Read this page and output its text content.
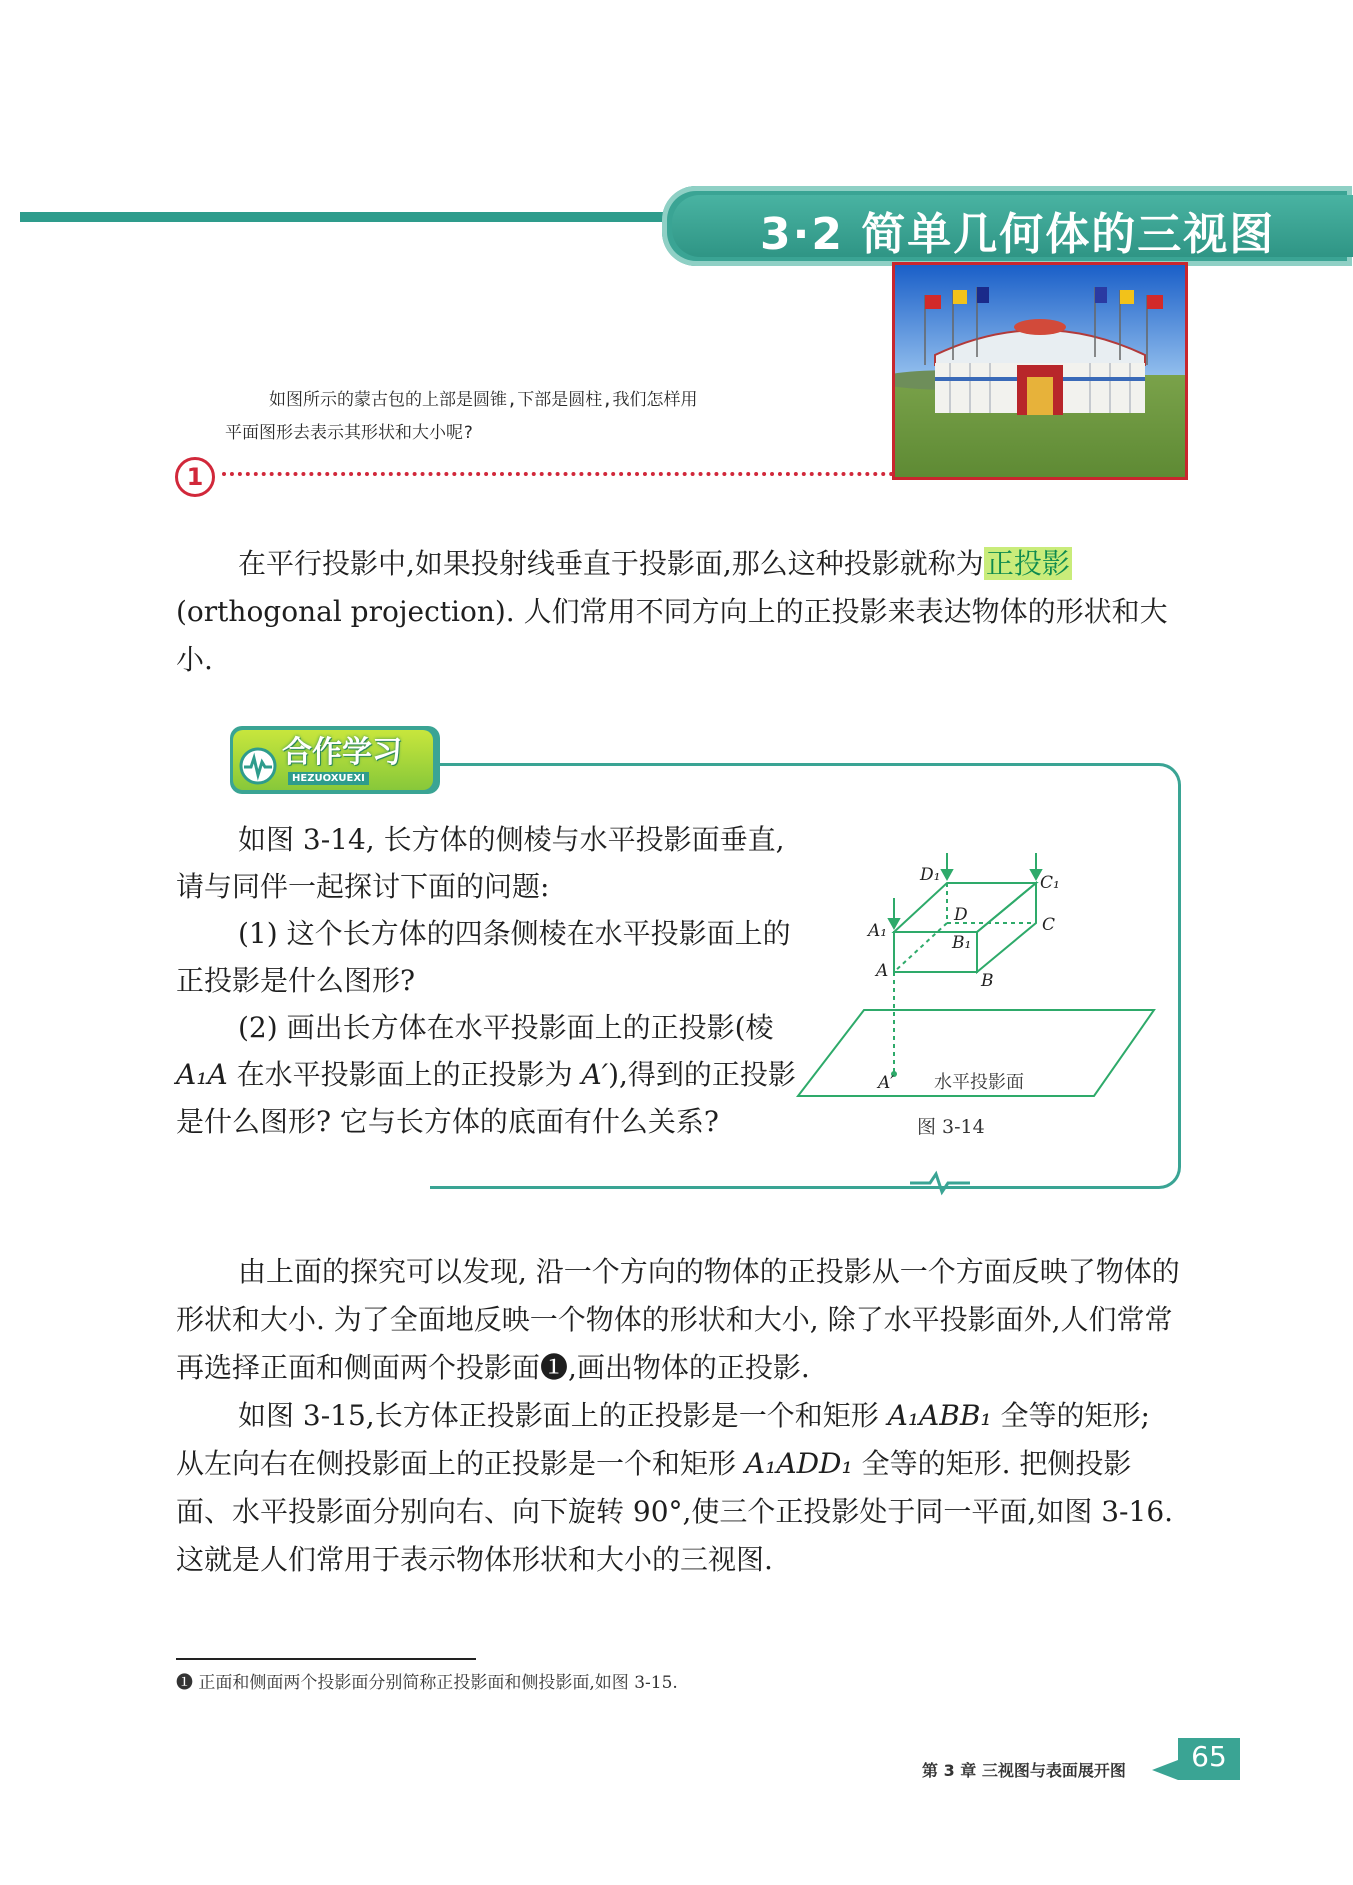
3·2 简单几何体的三视图
如图所示的蒙古包的上部是圆锥,下部是圆柱,我们怎样用
平面图形去表示其形状和大小呢?
1

在平行投影中,如果投射线垂直于投影面,那么这种投影就称为正投影(orthogonal projection). 人们常用不同方向上的正投影来表达物体的形状和大小.

合作学习
HEZUOXUEXI

如图 3-14, 长方体的侧棱与水平投影面垂直,请与同伴一起探讨下面的问题:

(1) 这个长方体的四条侧棱在水平投影面上的正投影是什么图形?

(2) 画出长方体在水平投影面上的正投影(棱 A₁A 在水平投影面上的正投影为 A′),得到的正投影是什么图形? 它与长方体的底面有什么关系?

D₁	C₁
D	C
A₁
B₁
A	B
A′ 水平投影面
图 3-14

由上面的探究可以发现, 沿一个方向的物体的正投影从一个方面反映了物体的形状和大小. 为了全面地反映一个物体的形状和大小, 除了水平投影面外,人们常常再选择正面和侧面两个投影面❶,画出物体的正投影.

如图 3-15,长方体正投影面上的正投影是一个和矩形 A₁ABB₁ 全等的矩形; 从左向右在侧投影面上的正投影是一个和矩形 A₁ADD₁ 全等的矩形. 把侧投影面、水平投影面分别向右、向下旋转 90°,使三个正投影处于同一平面,如图 3-16. 这就是人们常用于表示物体形状和大小的三视图.

❶ 正面和侧面两个投影面分别简称正投影面和侧投影面,如图 3-15.
第 3 章 三视图与表面展开图	65
